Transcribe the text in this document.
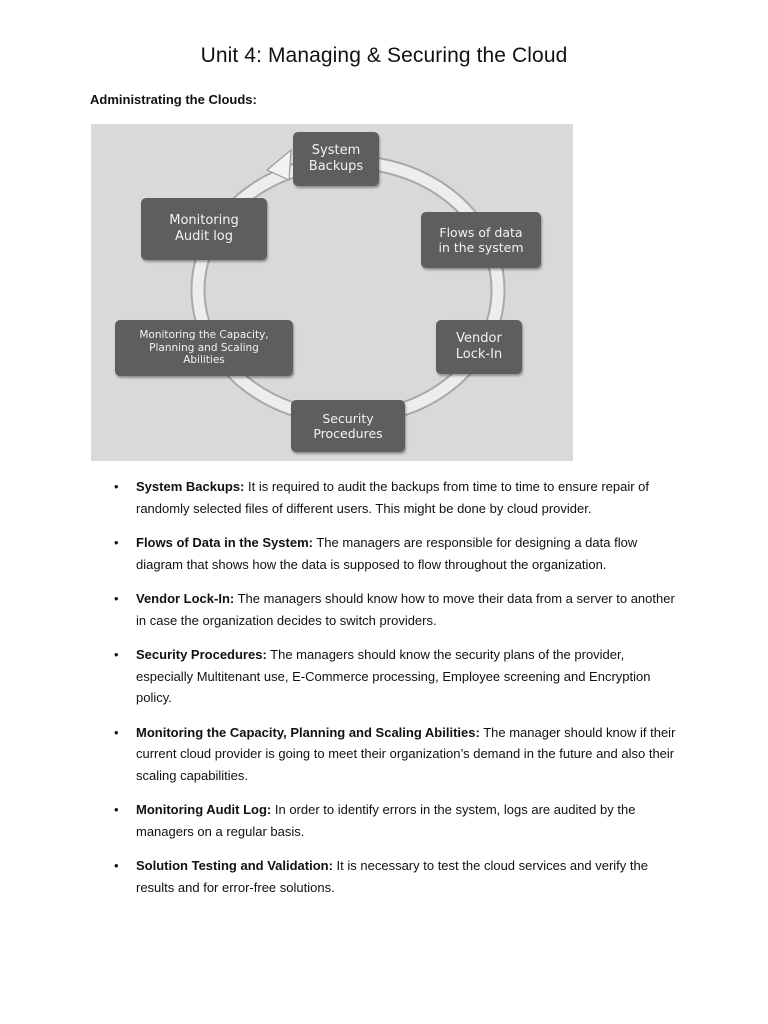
Unit 4: Managing & Securing the Cloud
Administrating the Clouds:
System
Backups
Flows of data
in the system
Vendor
Lock-In
Security
Procedures
Monitoring the Capacity,
Planning and Scaling
Abilities
Monitoring
Audit log
• System Backups: It is required to audit the backups from time to time to ensure repair of randomly selected files of different users. This might be done by cloud provider.
• Flows of Data in the System: The managers are responsible for designing a data flow diagram that shows how the data is supposed to flow throughout the organization.
• Vendor Lock-In: The managers should know how to move their data from a server to another in case the organization decides to switch providers.
• Security Procedures: The managers should know the security plans of the provider, especially Multitenant use, E-Commerce processing, Employee screening and Encryption policy.
• Monitoring the Capacity, Planning and Scaling Abilities: The manager should know if their current cloud provider is going to meet their organization’s demand in the future and also their scaling capabilities.
• Monitoring Audit Log: In order to identify errors in the system, logs are audited by the managers on a regular basis.
• Solution Testing and Validation: It is necessary to test the cloud services and verify the results and for error-free solutions.
